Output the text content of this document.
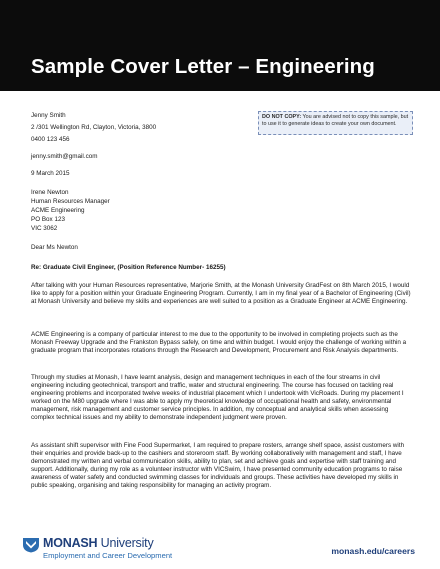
Sample Cover Letter – Engineering
DO NOT COPY: You are advised not to copy this sample, but to use it to generate ideas to create your own document.
Jenny Smith
2 /301 Wellington Rd, Clayton, Victoria, 3800
0400 123 456
jenny.smith@gmail.com
9 March 2015
Irene Newton
Human Resources Manager
ACME Engineering
PO Box 123
VIC 3062
Dear Ms Newton
Re: Graduate Civil Engineer, (Position Reference Number- 16255)
After talking with your Human Resources representative, Marjorie Smith, at the Monash University GradFest on 8th March 2015, I would like to apply for a position within your Graduate Engineering Program. Currently, I am in my final year of a Bachelor of Engineering (Civil) at Monash University and believe my skills and experiences are well suited to a position as a Graduate Engineer at ACME Engineering.
ACME Engineering is a company of particular interest to me due to the opportunity to be involved in completing projects such as the Monash Freeway Upgrade and the Frankston Bypass safely, on time and within budget. I would enjoy the challenge of working within a graduate program that incorporates rotations through the Research and Development, Procurement and Risk Analysis departments.
Through my studies at Monash, I have learnt analysis, design and management techniques in each of the four streams in civil engineering including geotechnical, transport and traffic, water and structural engineering. The course has focused on tackling real engineering problems and incorporated twelve weeks of industrial placement which I undertook with VicRoads. During my placement I worked on the M80 upgrade where I was able to apply my theoretical knowledge of occupational health and safety, environmental management, risk management and customer service principles. In addition, my conceptual and analytical skills when assessing complex technical issues and my ability to demonstrate independent judgment were proven.
As assistant shift supervisor with Fine Food Supermarket, I am required to prepare rosters, arrange shelf space, assist customers with their enquiries and provide back-up to the cashiers and storeroom staff. By working collaboratively with management and staff, I have demonstrated my written and verbal communication skills, ability to plan, set and achieve goals and expertise with staff training and support. Additionally, during my role as a volunteer instructor with VICSwim, I have presented community education programs to raise awareness of water safety and conducted swimming classes for individuals and groups. These activities have developed my skills in public speaking, organising and taking responsibility for managing an activity program.
MONASH University
Employment and Career Development	monash.edu/careers
